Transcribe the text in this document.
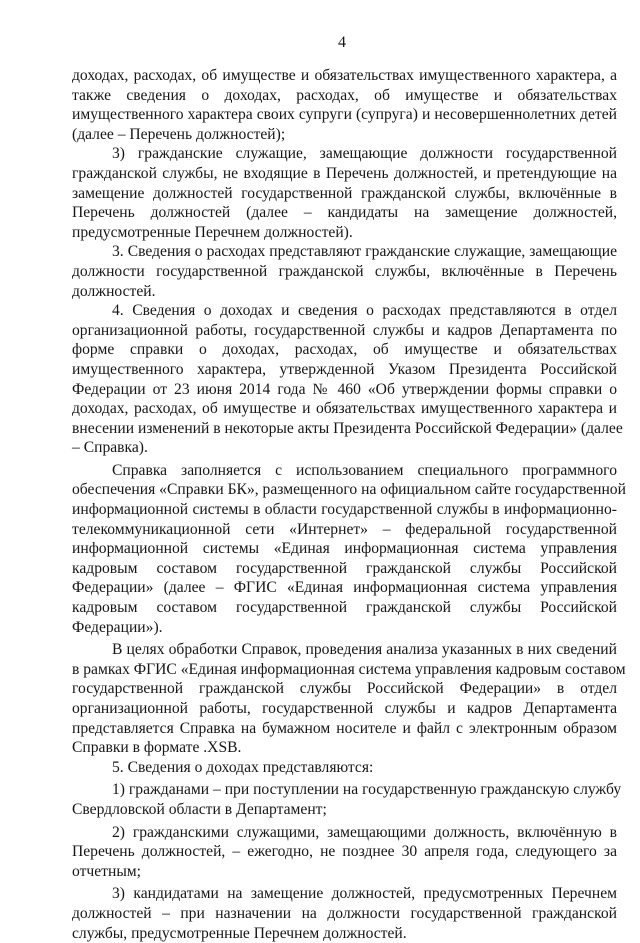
4
доходах, расходах, об имуществе и обязательствах имущественного характера, а
также сведения о доходах, расходах, об имуществе и обязательствах
имущественного характера своих супруги (супруга) и несовершеннолетних детей
(далее – Перечень должностей);
3) гражданские служащие, замещающие должности государственной
гражданской службы, не входящие в Перечень должностей, и претендующие на
замещение должностей государственной гражданской службы, включённые в
Перечень должностей (далее – кандидаты на замещение должностей,
предусмотренные Перечнем должностей).
3. Сведения о расходах представляют гражданские служащие, замещающие
должности государственной гражданской службы, включённые в Перечень
должностей.
4. Сведения о доходах и сведения о расходах представляются в отдел
организационной работы, государственной службы и кадров Департамента по
форме справки о доходах, расходах, об имуществе и обязательствах
имущественного характера, утвержденной Указом Президента Российской
Федерации от 23 июня 2014 года № 460 «Об утверждении формы справки о
доходах, расходах, об имуществе и обязательствах имущественного характера и
внесении изменений в некоторые акты Президента Российской Федерации» (далее
– Справка).
Справка заполняется с использованием специального программного
обеспечения «Справки БК», размещенного на официальном сайте государственной
информационной системы в области государственной службы в информационно-
телекоммуникационной сети «Интернет» – федеральной государственной
информационной системы «Единая информационная система управления
кадровым составом государственной гражданской службы Российской
Федерации» (далее – ФГИС «Единая информационная система управления
кадровым составом государственной гражданской службы Российской
Федерации»).
В целях обработки Справок, проведения анализа указанных в них сведений
в рамках ФГИС «Единая информационная система управления кадровым составом
государственной гражданской службы Российской Федерации» в отдел
организационной работы, государственной службы и кадров Департамента
представляется Справка на бумажном носителе и файл с электронным образом
Справки в формате .XSB.
5. Сведения о доходах представляются:
1) гражданами – при поступлении на государственную гражданскую службу
Свердловской области в Департамент;
2) гражданскими служащими, замещающими должность, включённую в
Перечень должностей, – ежегодно, не позднее 30 апреля года, следующего за
отчетным;
3) кандидатами на замещение должностей, предусмотренных Перечнем
должностей – при назначении на должности государственной гражданской
службы, предусмотренные Перечнем должностей.
